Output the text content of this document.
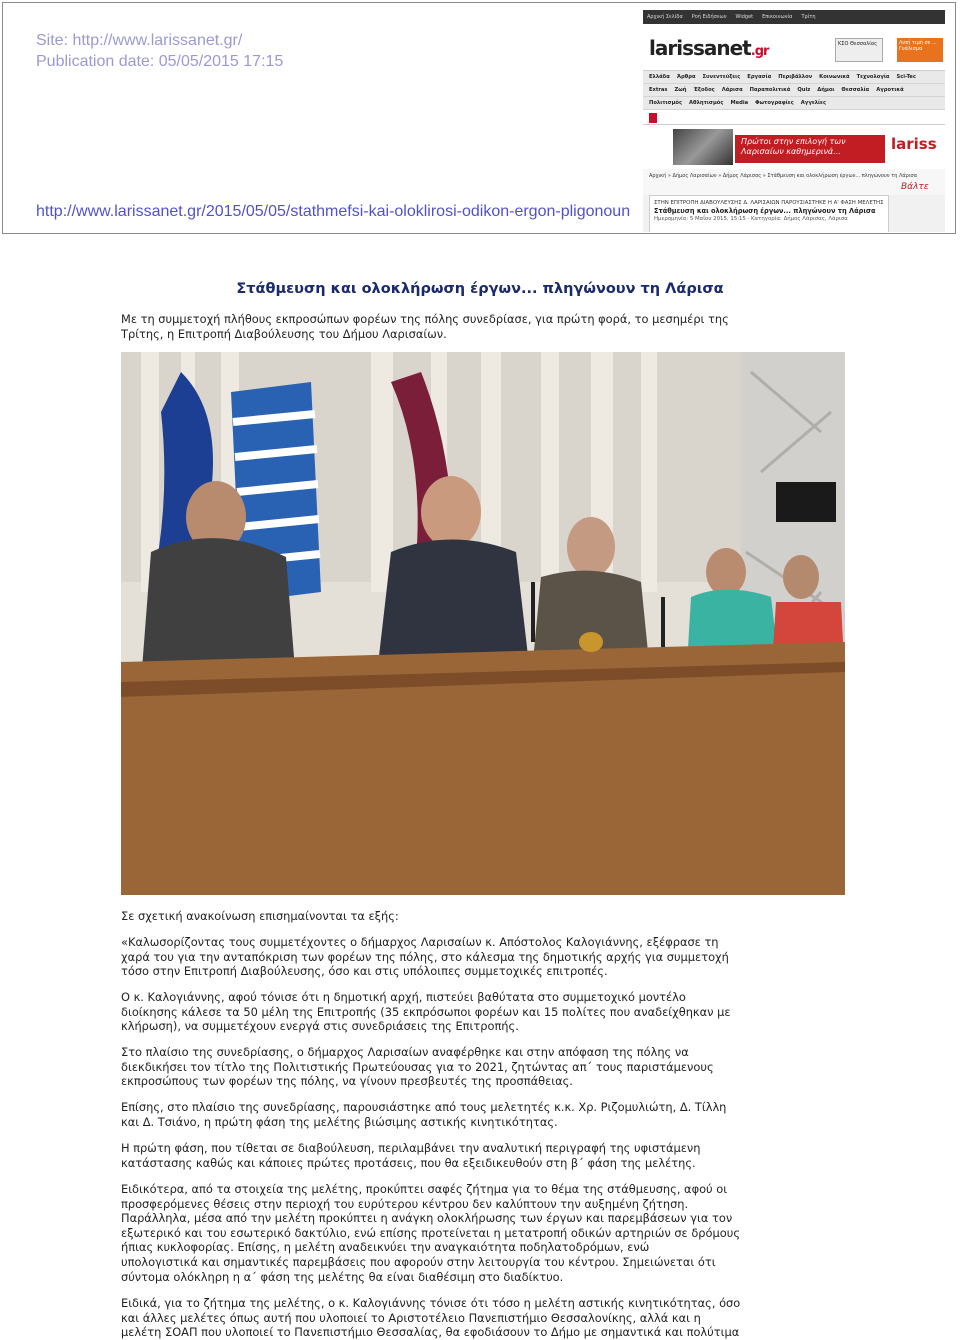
Site: http://www.larissanet.gr/
Publication date: 05/05/2015 17:15
http://www.larissanet.gr/2015/05/05/stathmefsi-kai-oloklirosi-odikon-ergon-pligonoun
Αρχική Σελίδα Ροή Ειδήσεων Widget Επικοινωνία Τρίτη
larissanet.gr	ΚΣΟ Θεσσαλίας	Λιπή τιμή σε ... Γυάλισμα
Ελλάδα Άρθρα Συνεντεύξεις Εργασία Περιβάλλον Κοινωνικά Τεχνολογία Sci-Tec
Extras Ζωή Έξοδος Λάρισα Παραπολιτικά Quiz Δήμοι Θεσσαλία Αγροτικά
Πολιτισμός Αθλητισμός Media Φωτογραφίες Αγγελίες
Πρώτοι στην επιλογή των Λαρισαίων καθημερινά...	lariss
Αρχική » Δήμος Λαρισαίων » Δήμος Λάρισας » Στάθμευση και ολοκλήρωση έργων... πληγώνουν τη Λάρισα
ΣΤΗΝ ΕΠΙΤΡΟΠΗ ΔΙΑΒΟΥΛΕΥΣΗΣ Δ. ΛΑΡΙΣΑΙΩΝ ΠΑΡΟΥΣΙΑΣΤΗΚΕ Η Α' ΦΑΣΗ ΜΕΛΕΤΗΣ
Στάθμευση και ολοκλήρωση έργων... πληγώνουν τη Λάρισα
Ημερομηνία: 5 Μαΐου 2015, 15:15 · Κατηγορία: Δήμος Λάρισας, Λάρισα
Βάλτε
Στάθμευση και ολοκλήρωση έργων... πληγώνουν τη Λάρισα
Με τη συμμετοχή πλήθους εκπροσώπων φορέων της πόλης συνεδρίασε, για πρώτη φορά, το μεσημέρι της
Τρίτης, η Επιτροπή Διαβούλευσης του Δήμου Λαρισαίων.
Σε σχετική ανακοίνωση επισημαίνονται τα εξής:
«Καλωσορίζοντας τους συμμετέχοντες ο δήμαρχος Λαρισαίων κ. Απόστολος Καλογιάννης, εξέφρασε τη
χαρά του για την ανταπόκριση των φορέων της πόλης, στο κάλεσμα της δημοτικής αρχής για συμμετοχή
τόσο στην Επιτροπή Διαβούλευσης, όσο και στις υπόλοιπες συμμετοχικές επιτροπές.
Ο κ. Καλογιάννης, αφού τόνισε ότι η δημοτική αρχή, πιστεύει βαθύτατα στο συμμετοχικό μοντέλο
διοίκησης κάλεσε τα 50 μέλη της Επιτροπής (35 εκπρόσωποι φορέων και 15 πολίτες που αναδείχθηκαν με
κλήρωση), να συμμετέχουν ενεργά στις συνεδριάσεις της Επιτροπής.
Στο πλαίσιο της συνεδρίασης, ο δήμαρχος Λαρισαίων αναφέρθηκε και στην απόφαση της πόλης να
διεκδικήσει τον τίτλο της Πολιτιστικής Πρωτεύουσας για το 2021, ζητώντας απ΄ τους παριστάμενους
εκπροσώπους των φορέων της πόλης, να γίνουν πρεσβευτές της προσπάθειας.
Επίσης, στο πλαίσιο της συνεδρίασης, παρουσιάστηκε από τους μελετητές κ.κ. Χρ. Ριζομυλιώτη, Δ. Τίλλη
και Δ. Τσιάνο, η πρώτη φάση της μελέτης βιώσιμης αστικής κινητικότητας.
Η πρώτη φάση, που τίθεται σε διαβούλευση, περιλαμβάνει την αναλυτική περιγραφή της υφιστάμενη
κατάστασης καθώς και κάποιες πρώτες προτάσεις, που θα εξειδικευθούν στη β΄ φάση της μελέτης.
Ειδικότερα, από τα στοιχεία της μελέτης, προκύπτει σαφές ζήτημα για το θέμα της στάθμευσης, αφού οι
προσφερόμενες θέσεις στην περιοχή του ευρύτερου κέντρου δεν καλύπτουν την αυξημένη ζήτηση.
Παράλληλα, μέσα από την μελέτη προκύπτει η ανάγκη ολοκλήρωσης των έργων και παρεμβάσεων για τον
εξωτερικό και του εσωτερικό δακτύλιο, ενώ επίσης προτείνεται η μετατροπή οδικών αρτηριών σε δρόμους
ήπιας κυκλοφορίας. Επίσης, η μελέτη αναδεικνύει την αναγκαιότητα ποδηλατοδρόμων, ενώ
υπολογιστικά και σημαντικές παρεμβάσεις που αφορούν στην λειτουργία του κέντρου. Σημειώνεται ότι
σύντομα ολόκληρη η α΄ φάση της μελέτης θα είναι διαθέσιμη στο διαδίκτυο.
Ειδικά, για το ζήτημα της μελέτης, ο κ. Καλογιάννης τόνισε ότι τόσο η μελέτη αστικής κινητικότητας, όσο
και άλλες μελέτες όπως αυτή που υλοποιεί το Αριστοτέλειο Πανεπιστήμιο Θεσσαλονίκης, αλλά και η
μελέτη ΣΟΑΠ που υλοποιεί το Πανεπιστήμιο Θεσσαλίας, θα εφοδιάσουν το Δήμο με σημαντικά και πολύτιμα
